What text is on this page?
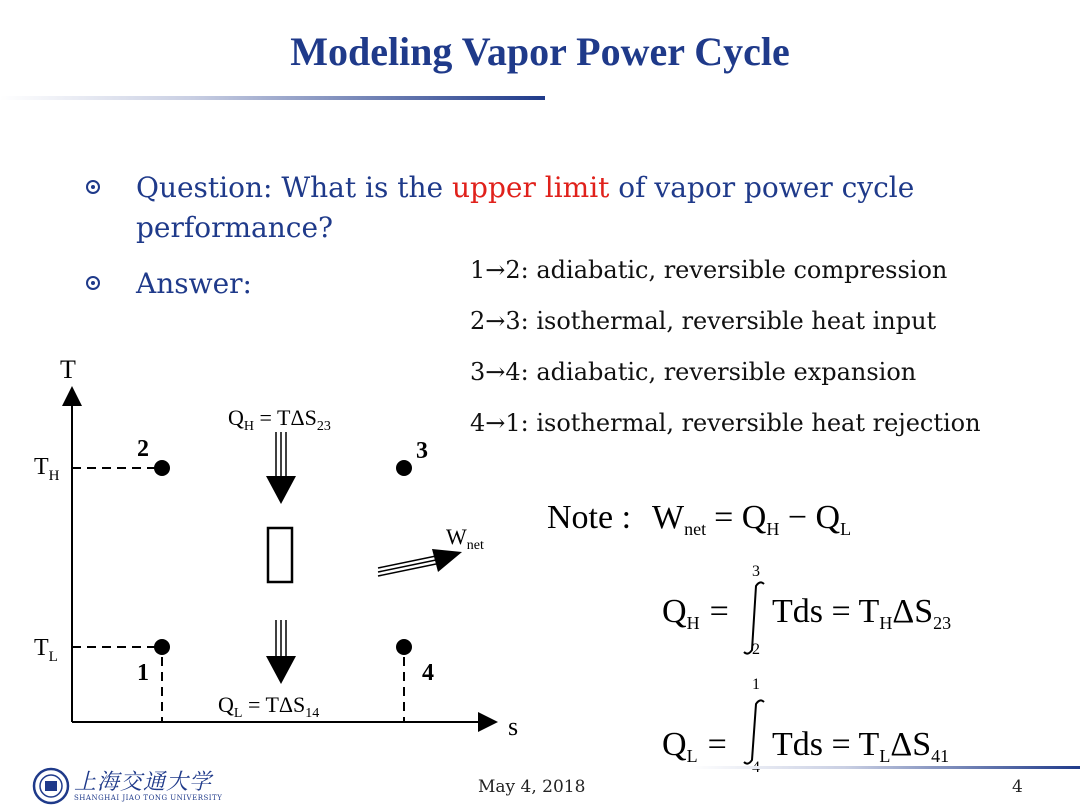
Modeling Vapor Power Cycle
Question: What is the upper limit of vapor power cycle performance?
Answer:	1→2: adiabatic, reversible compression
2→3: isothermal, reversible heat input
3→4: adiabatic, reversible expansion
4→1: isothermal, reversible heat rejection
T
s
$T_H$
$T_L$
2	3
1	4
$Q_H = T\Delta S_{23}$
$W_{net}$
$Q_L = T\Delta S_{14}$
Note : $W_{net} = Q_H - Q_L$
$Q_H$ =
3
2
Tds = $T_H\Delta S_{23}$
$Q_L$ =
1
Tds = $T_L\Delta S_{41}$
上海交通大学
SHANGHAI JIAO TONG UNIVERSITY
May 4, 2018	4
